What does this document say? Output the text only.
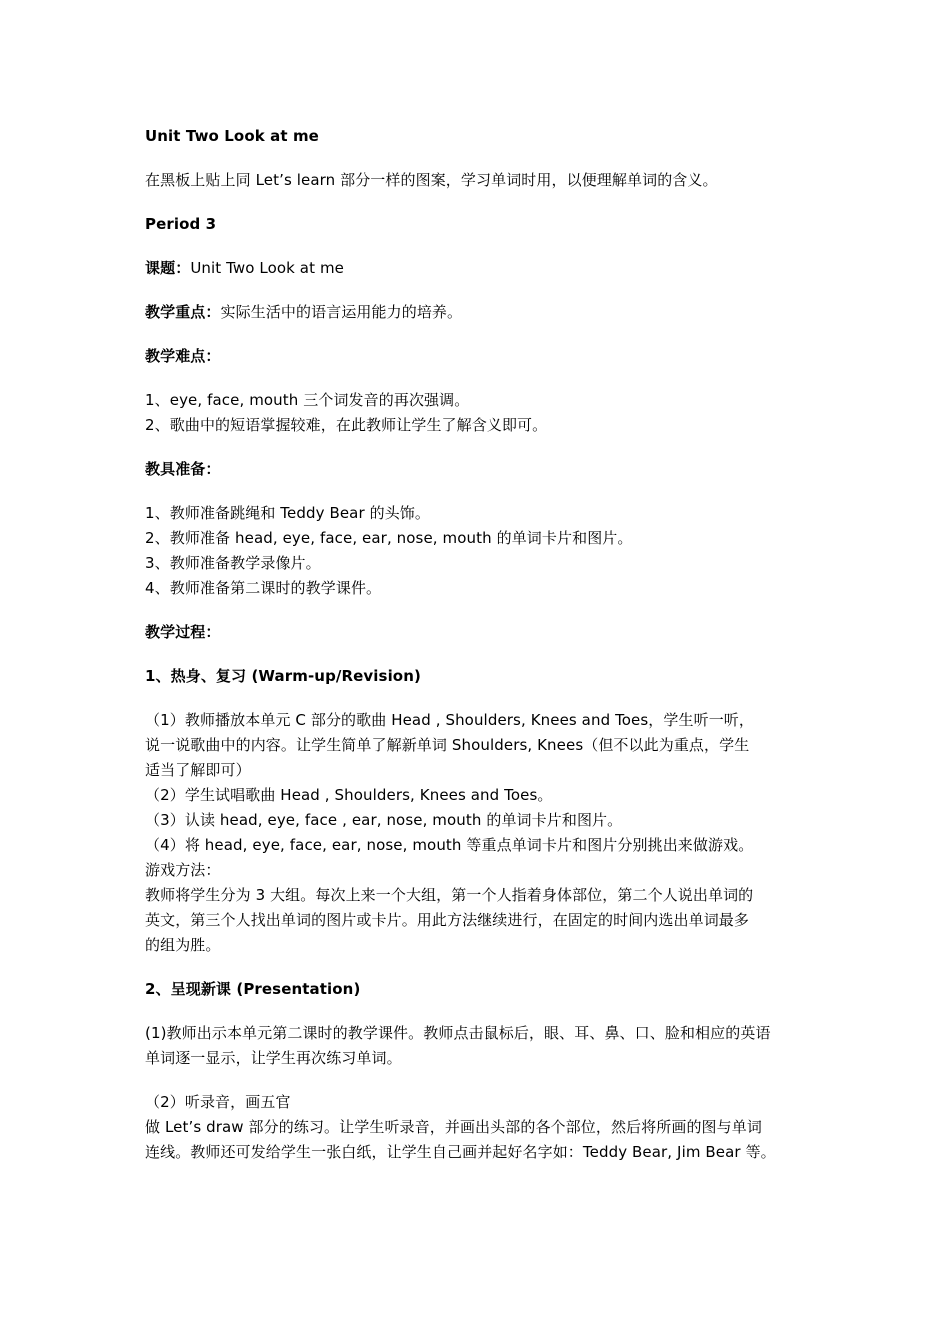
Unit Two Look at me

在黑板上贴上同 Let’s learn 部分一样的图案，学习单词时用，以便理解单词的含义。

Period 3

课题：Unit Two Look at me

教学重点：实际生活中的语言运用能力的培养。

教学难点：

1、eye, face, mouth 三个词发音的再次强调。

2、歌曲中的短语掌握较难，在此教师让学生了解含义即可。

教具准备：

1、教师准备跳绳和 Teddy Bear 的头饰。

2、教师准备 head, eye, face, ear, nose, mouth 的单词卡片和图片。

3、教师准备教学录像片。

4、教师准备第二课时的教学课件。

教学过程：

1、热身、复习 (Warm-up/Revision)

（1）教师播放本单元 C 部分的歌曲 Head , Shoulders, Knees and Toes，学生听一听，

说一说歌曲中的内容。让学生简单了解新单词 Shoulders, Knees（但不以此为重点，学生

适当了解即可）

（2）学生试唱歌曲 Head , Shoulders, Knees and Toes。

（3）认读 head, eye, face , ear, nose, mouth 的单词卡片和图片。

（4）将 head, eye, face, ear, nose, mouth 等重点单词卡片和图片分别挑出来做游戏。

游戏方法：

教师将学生分为 3 大组。每次上来一个大组，第一个人指着身体部位，第二个人说出单词的

英文，第三个人找出单词的图片或卡片。用此方法继续进行，在固定的时间内选出单词最多

的组为胜。

2、呈现新课 (Presentation)

(1)教师出示本单元第二课时的教学课件。教师点击鼠标后，眼、耳、鼻、口、脸和相应的英语

单词逐一显示，让学生再次练习单词。

（2）听录音，画五官

做 Let’s draw 部分的练习。让学生听录音，并画出头部的各个部位，然后将所画的图与单词

连线。教师还可发给学生一张白纸，让学生自己画并起好名字如：Teddy Bear, Jim Bear 等。
